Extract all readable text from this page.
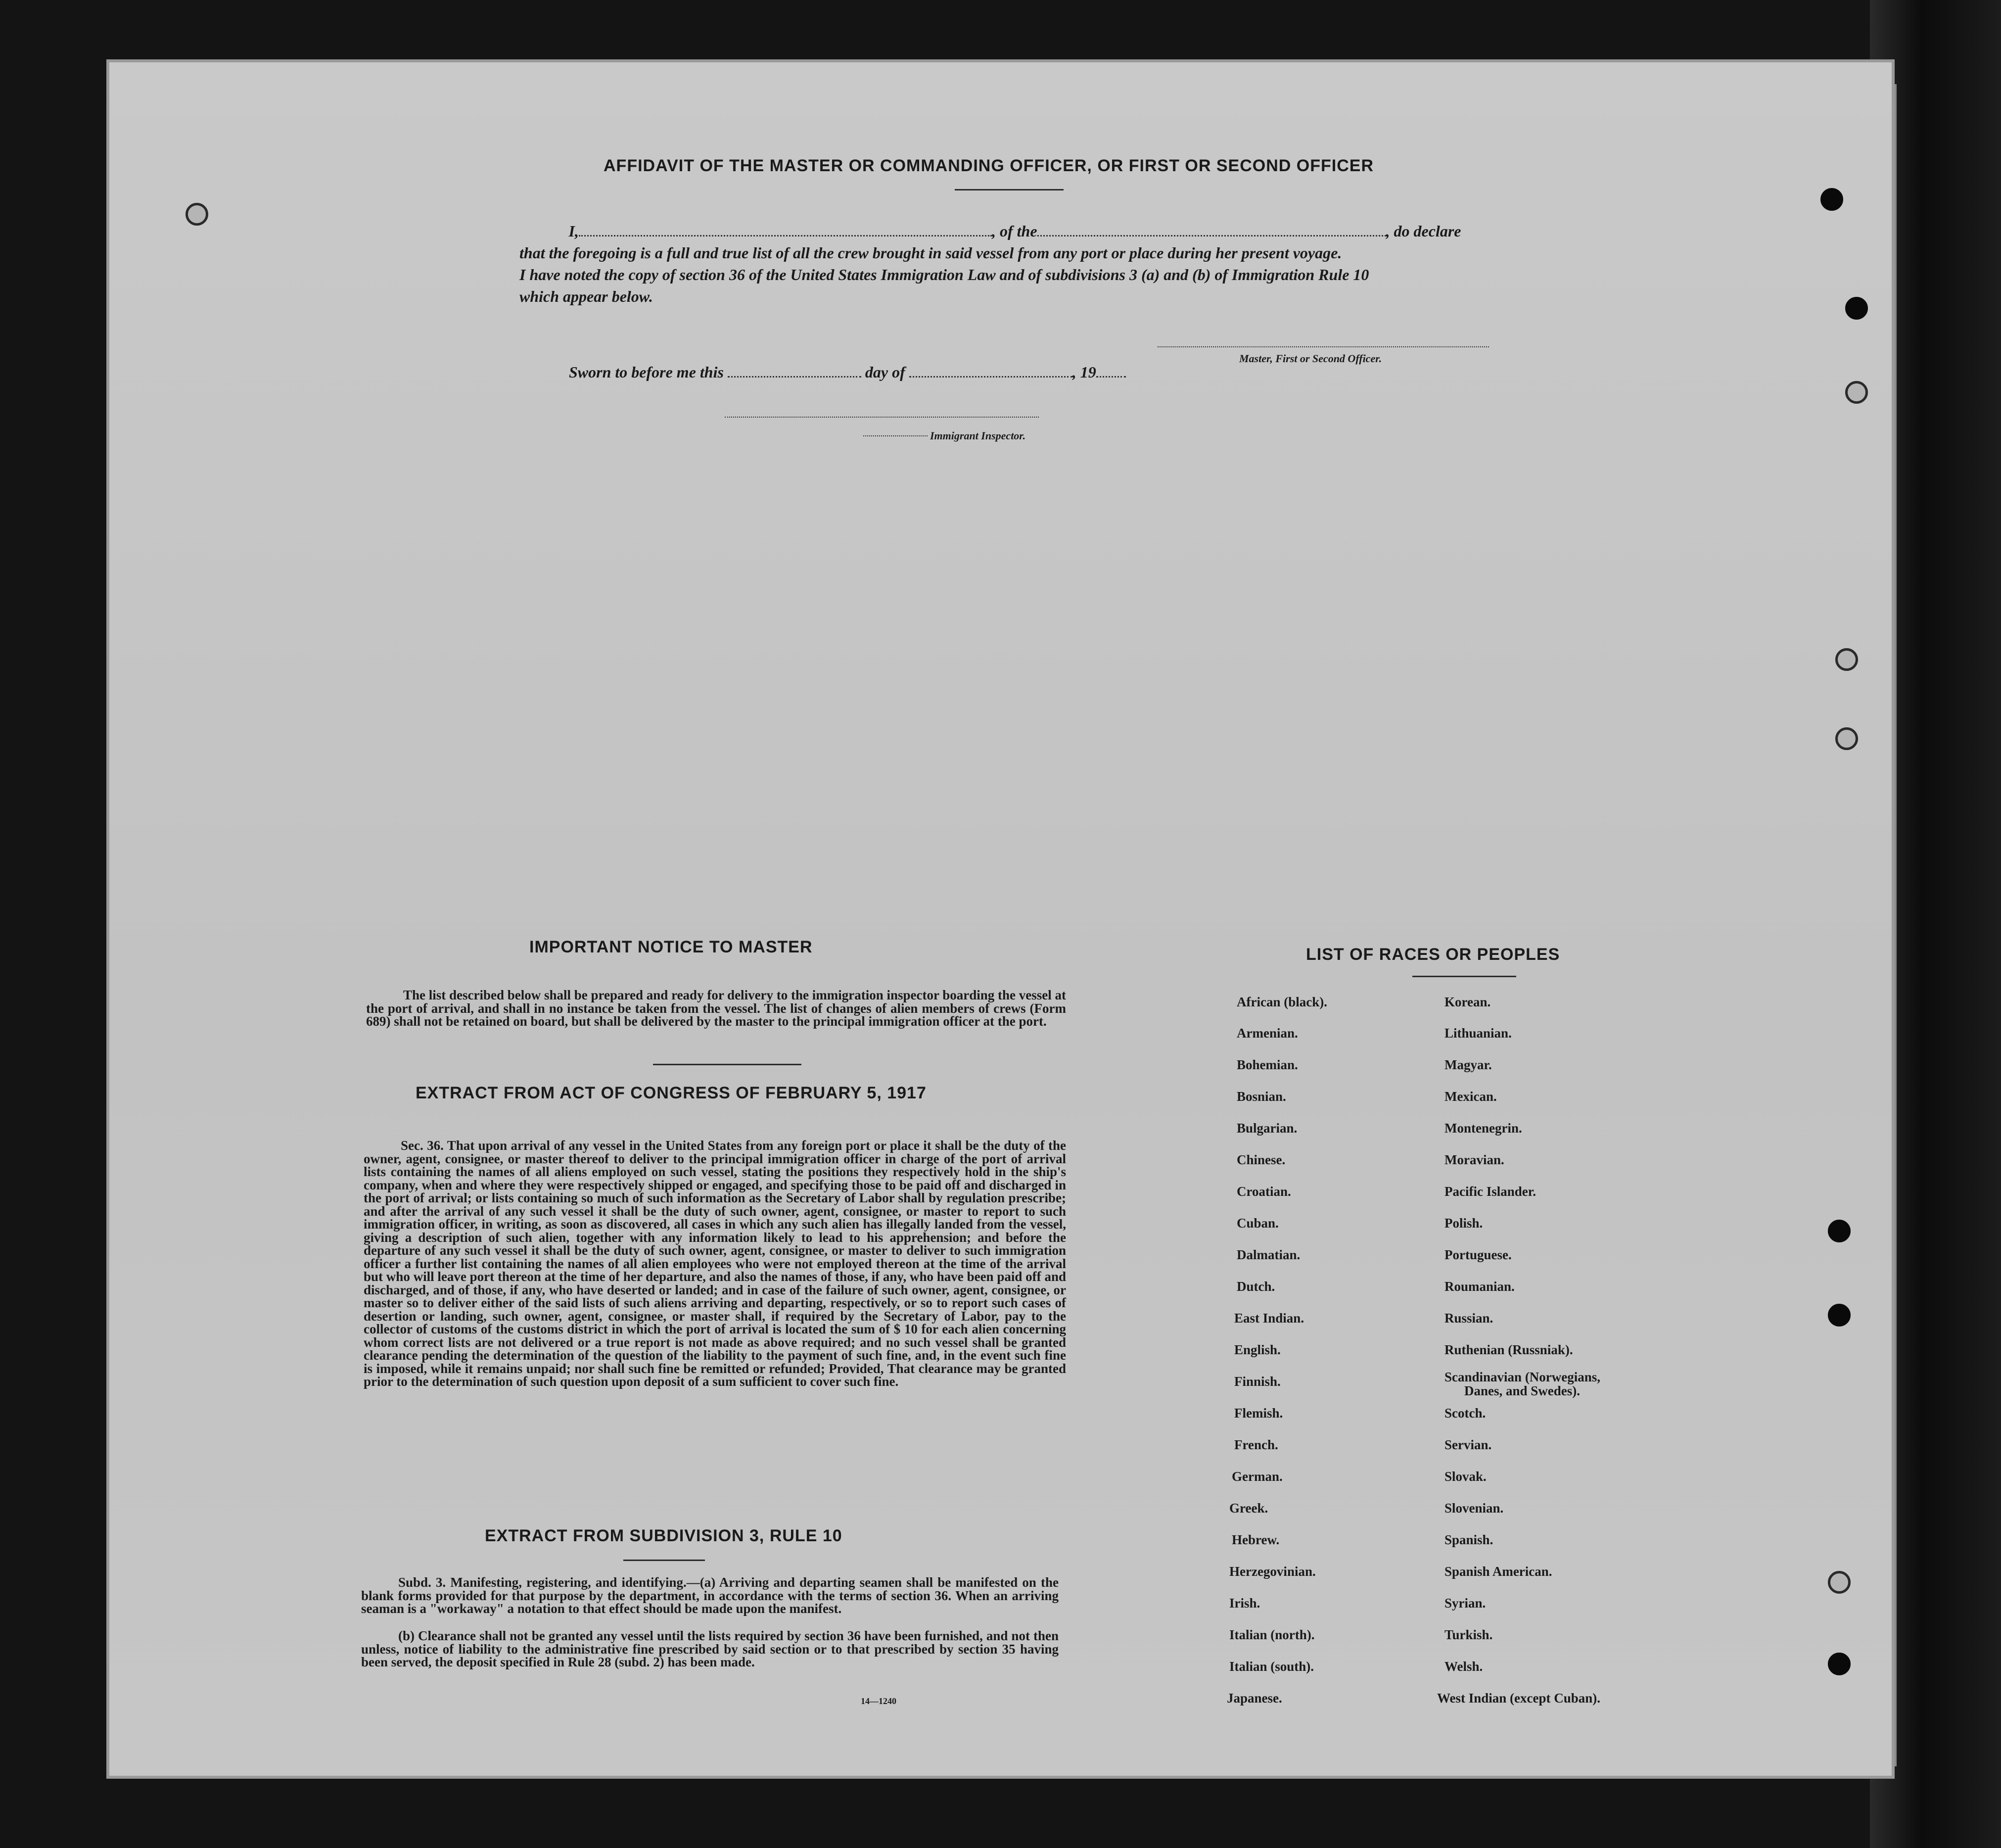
AFFIDAVIT OF THE MASTER OR COMMANDING OFFICER, OR FIRST OR SECOND OFFICER
I,	, of the	, do declare
that the foregoing is a full and true list of all the crew brought in said vessel from any port or place during her present voyage.
I have noted the copy of section 36 of the United States Immigration Law and of subdivisions 3 (a) and (b) of Immigration Rule 10
which appear below.
Master, First or Second Officer.
Sworn to before me this	day of	, 19
Immigrant Inspector.
IMPORTANT NOTICE TO MASTER
The list described below shall be prepared and ready for delivery to the immigration inspector boarding the vessel at the port of arrival, and shall in no instance be taken from the vessel. The list of changes of alien members of crews (Form 689) shall not be retained on board, but shall be delivered by the master to the principal immigration officer at the port.
EXTRACT FROM ACT OF CONGRESS OF FEBRUARY 5, 1917
Sec. 36. That upon arrival of any vessel in the United States from any foreign port or place it shall be the duty of the owner, agent, consignee, or master thereof to deliver to the principal immigration officer in charge of the port of arrival lists containing the names of all aliens employed on such vessel, stating the positions they respectively hold in the ship's company, when and where they were respectively shipped or engaged, and specifying those to be paid off and discharged in the port of arrival; or lists containing so much of such information as the Secretary of Labor shall by regulation prescribe; and after the arrival of any such vessel it shall be the duty of such owner, agent, consignee, or master to report to such immigration officer, in writing, as soon as discovered, all cases in which any such alien has illegally landed from the vessel, giving a description of such alien, together with any information likely to lead to his apprehension; and before the departure of any such vessel it shall be the duty of such owner, agent, consignee, or master to deliver to such immigration officer a further list containing the names of all alien employees who were not employed thereon at the time of the arrival but who will leave port thereon at the time of her departure, and also the names of those, if any, who have been paid off and discharged, and of those, if any, who have deserted or landed; and in case of the failure of such owner, agent, consignee, or master so to deliver either of the said lists of such aliens arriving and departing, respectively, or so to report such cases of desertion or landing, such owner, agent, consignee, or master shall, if required by the Secretary of Labor, pay to the collector of customs of the customs district in which the port of arrival is located the sum of $ 10 for each alien concerning whom correct lists are not delivered or a true report is not made as above required; and no such vessel shall be granted clearance pending the determination of the question of the liability to the payment of such fine, and, in the event such fine is imposed, while it remains unpaid; nor shall such fine be remitted or refunded; Provided, That clearance may be granted prior to the determination of such question upon deposit of a sum sufficient to cover such fine.
EXTRACT FROM SUBDIVISION 3, RULE 10
Subd. 3. Manifesting, registering, and identifying.—(a) Arriving and departing seamen shall be manifested on the blank forms provided for that purpose by the department, in accordance with the terms of section 36. When an arriving seaman is a "workaway" a notation to that effect should be made upon the manifest.
(b) Clearance shall not be granted any vessel until the lists required by section 36 have been furnished, and not then unless, notice of liability to the administrative fine prescribed by said section or to that prescribed by section 35 having been served, the deposit specified in Rule 28 (subd. 2) has been made.
14—1240
LIST OF RACES OR PEOPLES
African (black).
Armenian.
Bohemian.
Bosnian.
Bulgarian.
Chinese.
Croatian.
Cuban.
Dalmatian.
Dutch.
East Indian.
English.
Finnish.
Flemish.
French.
German.
Greek.
Hebrew.
Herzegovinian.
Irish.
Italian (north).
Italian (south).
Japanese.
Korean.
Lithuanian.
Magyar.
Mexican.
Montenegrin.
Moravian.
Pacific Islander.
Polish.
Portuguese.
Roumanian.
Russian.
Ruthenian (Russniak).
Scandinavian (Norwegians,
Danes, and Swedes).
Scotch.
Servian.
Slovak.
Slovenian.
Spanish.
Spanish American.
Syrian.
Turkish.
Welsh.
West Indian (except Cuban).
